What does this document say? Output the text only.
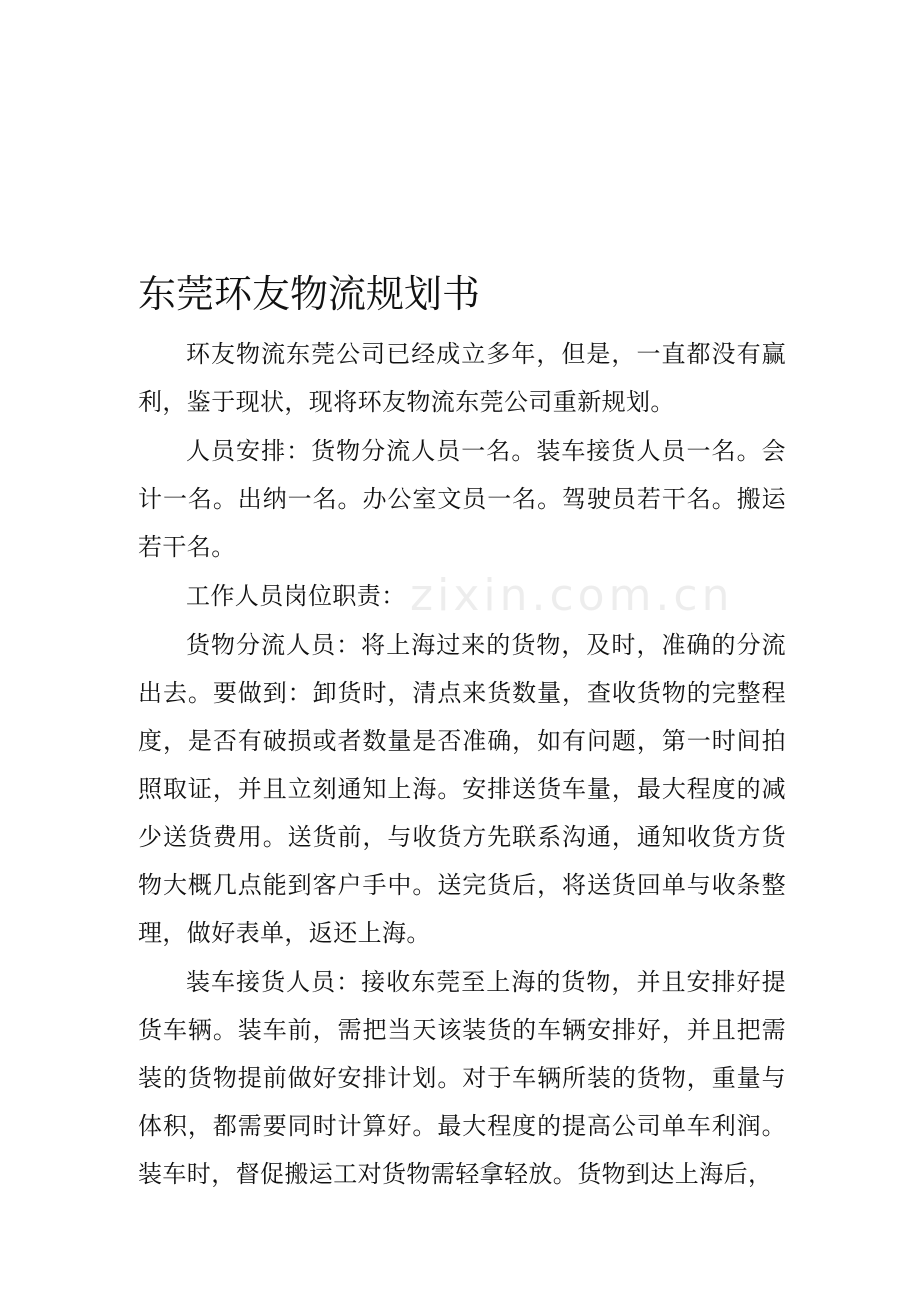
东莞环友物流规划书
zixin.com.cn

环友物流东莞公司已经成立多年，但是，一直都没有赢利，鉴于现状，现将环友物流东莞公司重新规划。

人员安排：货物分流人员一名。装车接货人员一名。会计一名。出纳一名。办公室文员一名。驾驶员若干名。搬运若干名。

工作人员岗位职责：

货物分流人员：将上海过来的货物，及时，准确的分流出去。要做到：卸货时，清点来货数量，查收货物的完整程度，是否有破损或者数量是否准确，如有问题，第一时间拍照取证，并且立刻通知上海。安排送货车量，最大程度的减少送货费用。送货前，与收货方先联系沟通，通知收货方货物大概几点能到客户手中。送完货后，将送货回单与收条整理，做好表单，返还上海。

装车接货人员：接收东莞至上海的货物，并且安排好提货车辆。装车前，需把当天该装货的车辆安排好，并且把需装的货物提前做好安排计划。对于车辆所装的货物，重量与体积，都需要同时计算好。最大程度的提高公司单车利润。装车时，督促搬运工对货物需轻拿轻放。货物到达上海后，
